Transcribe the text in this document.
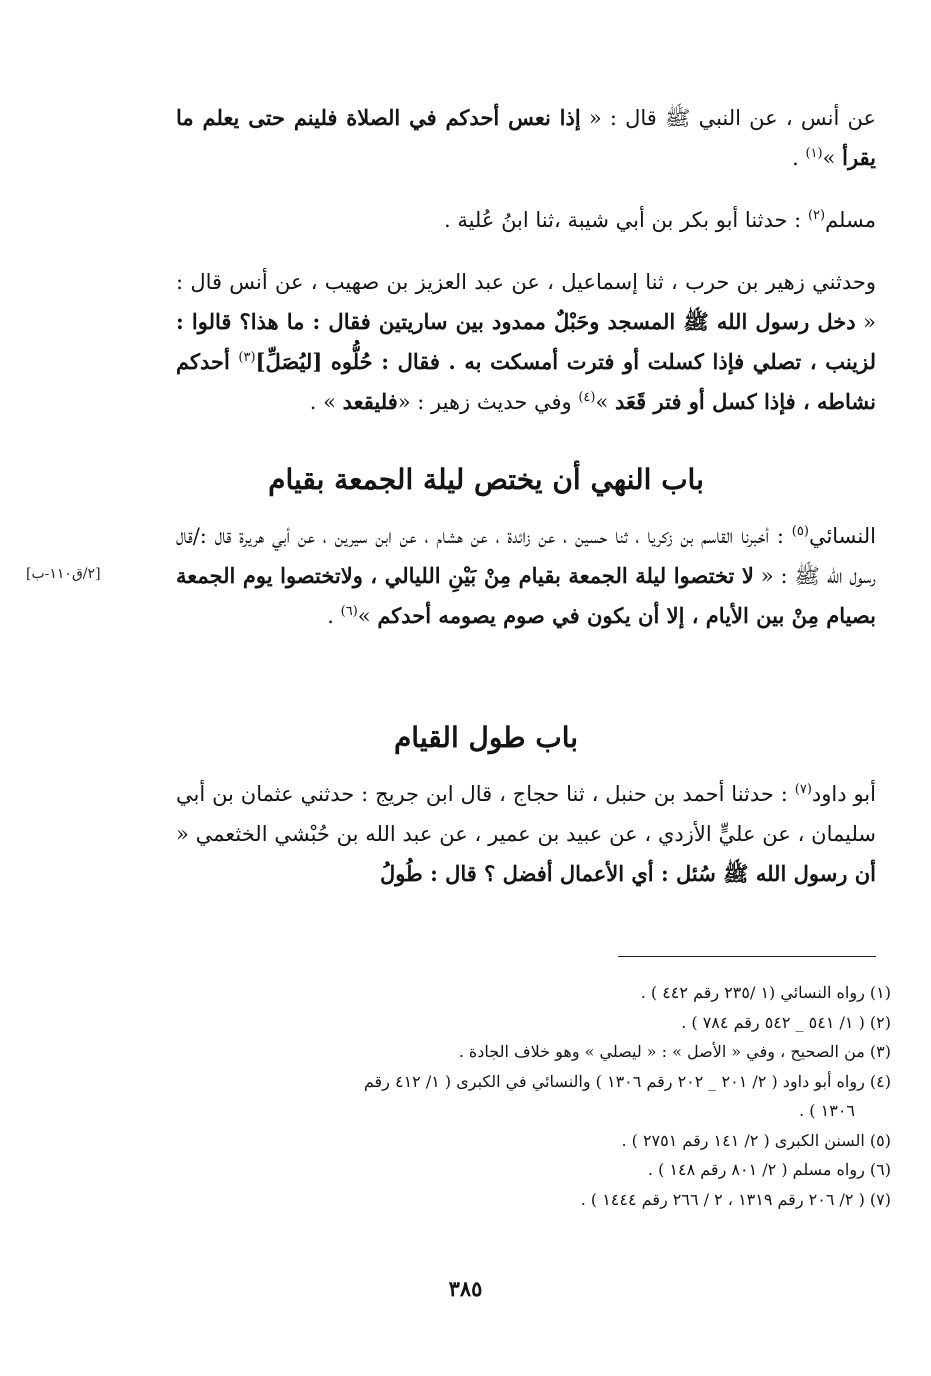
عن أنس ، عن النبي ﷺ قال : « إذا نعس أحدكم في الصلاة فلينم حتى يعلم ما يقرأ »$^{(١)}$ .
مسلم$^{(٢)}$ : حدثنا أبو بكر بن أبي شيبة ،ثنا ابنُ عُلية .
وحدثني زهير بن حرب ، ثنا إسماعيل ، عن عبد العزيز بن صهيب ، عن أنس قال : « دخل رسول الله ﷺ المسجد وحَبْلٌ ممدود بين ساريتين فقال : ما هذا؟ قالوا : لزينب ، تصلي فإذا كسلت أو فترت أمسكت به . فقال : حُلُّوه [ليُصَلِّ]$^{(٣)}$ أحدكم نشاطه ، فإذا كسل أو فتر قَعَد »$^{(٤)}$ وفي حديث زهير : «فليقعد » .
باب النهي أن يختص ليلة الجمعة بقيام
النسائي$^{(٥)}$ : أخبرنا القاسم بن زكريا ، ثنا حسين ، عن زائدة ، عن هشام ، عن ابن سيرين ، عن أبي هريرة قال :/قال رسول الله ﷺ : « لا تختصوا ليلة الجمعة بقيام مِنْ بَيْنِ الليالي ، ولاتختصوا يوم الجمعة بصيام مِنْ بين الأيام ، إلا أن يكون في صوم يصومه أحدكم »$^{(٦)}$ .
[٢/ق١١٠-ب]
باب طول القيام
أبو داود$^{(٧)}$ : حدثنا أحمد بن حنبل ، ثنا حجاج ، قال ابن جريج : حدثني عثمان بن أبي سليمان ، عن عليٍّ الأزدي ، عن عبيد بن عمير ، عن عبد الله بن حُبْشي الخثعمي « أن رسول الله ﷺ سُئل : أي الأعمال أفضل ؟ قال : طُولُ
(١) رواه النسائي (١ /٢٣٥ رقم ٤٤٢ ) .
(٢) ( ١/ ٥٤١ _ ٥٤٢ رقم ٧٨٤ ) .
(٣) من الصحيح ، وفي « الأصل » : « ليصلي » وهو خلاف الجادة .
(٤) رواه أبو داود ( ٢/ ٢٠١ _ ٢٠٢ رقم ١٣٠٦ ) والنسائي في الكبرى ( ١/ ٤١٢ رقم
١٣٠٦ ) .
(٥) السنن الكبرى ( ٢/ ١٤١ رقم ٢٧٥١ ) .
(٦) رواه مسلم ( ٢/ ٨٠١ رقم ١٤٨ ) .
(٧) ( ٢/ ٢٠٦ رقم ١٣١٩ ، ٢ / ٢٦٦ رقم ١٤٤٤ ) .
٣٨٥
